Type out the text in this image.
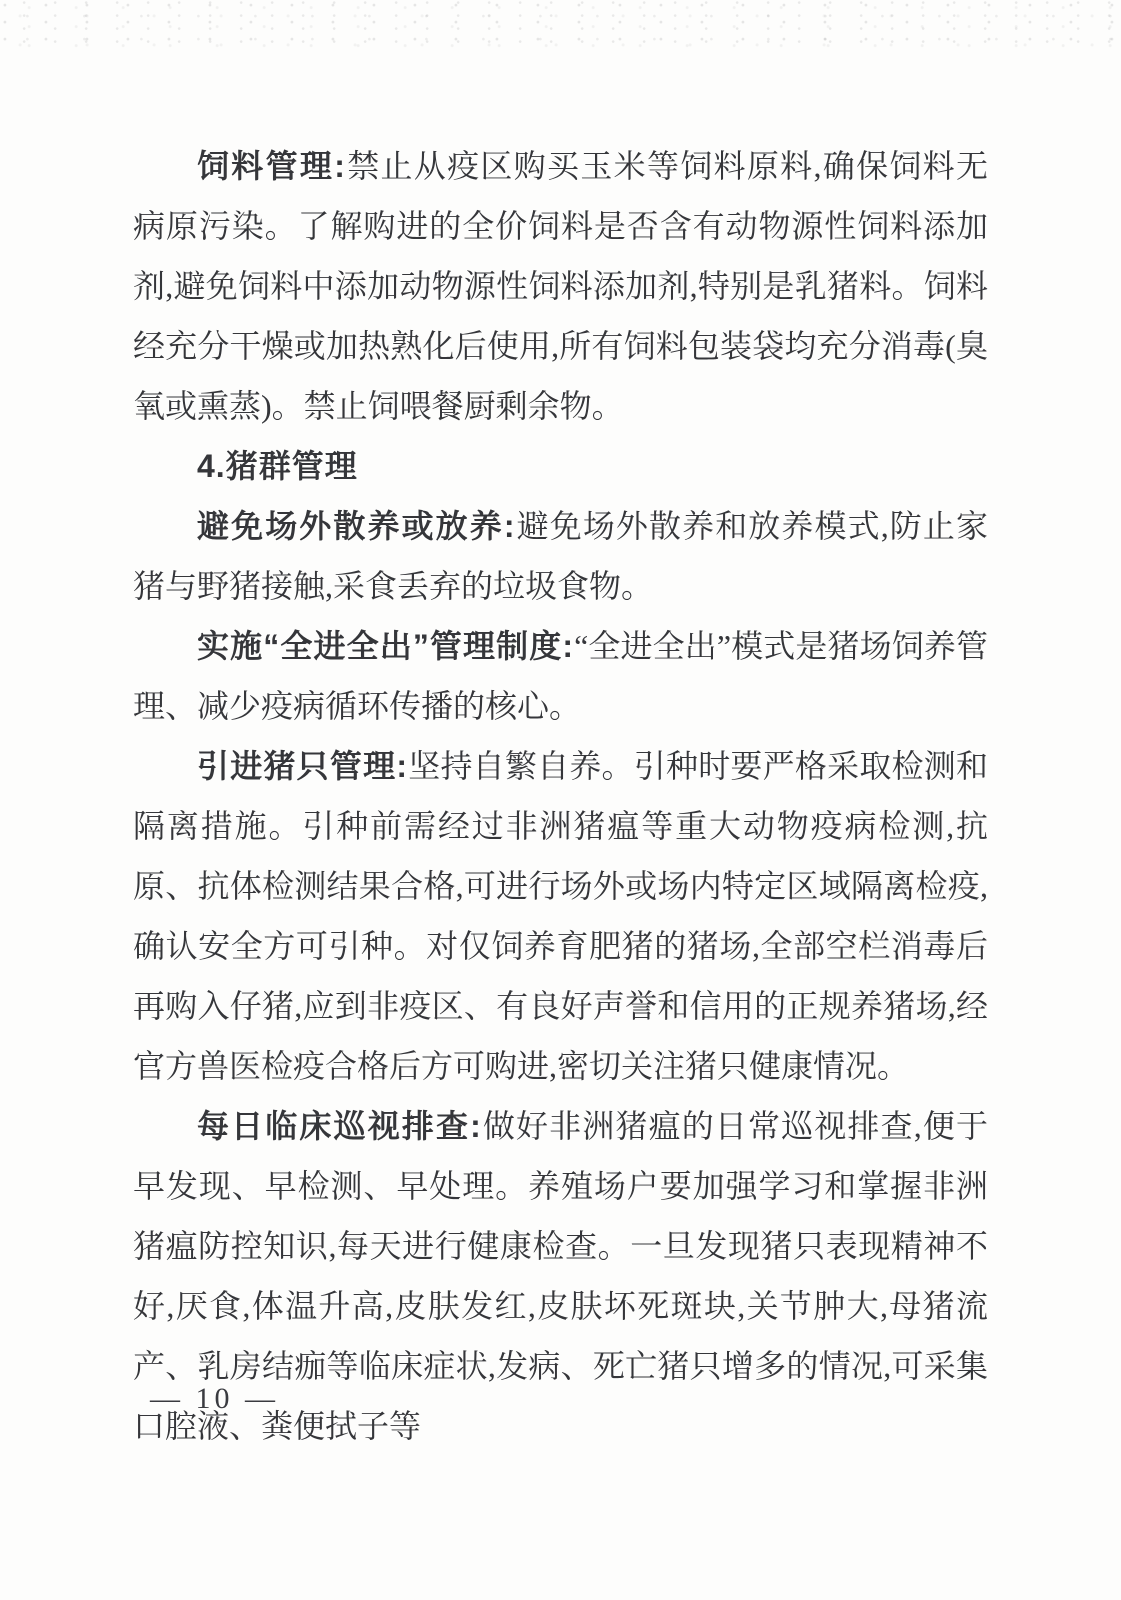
饲料管理:禁止从疫区购买玉米等饲料原料,确保饲料无病原污染。了解购进的全价饲料是否含有动物源性饲料添加剂,避免饲料中添加动物源性饲料添加剂,特别是乳猪料。饲料经充分干燥或加热熟化后使用,所有饲料包装袋均充分消毒(臭氧或熏蒸)。禁止饲喂餐厨剩余物。

4.猪群管理

避免场外散养或放养:避免场外散养和放养模式,防止家猪与野猪接触,采食丢弃的垃圾食物。

实施“全进全出”管理制度:“全进全出”模式是猪场饲养管理、减少疫病循环传播的核心。

引进猪只管理:坚持自繁自养。引种时要严格采取检测和隔离措施。引种前需经过非洲猪瘟等重大动物疫病检测,抗原、抗体检测结果合格,可进行场外或场内特定区域隔离检疫,确认安全方可引种。对仅饲养育肥猪的猪场,全部空栏消毒后再购入仔猪,应到非疫区、有良好声誉和信用的正规养猪场,经官方兽医检疫合格后方可购进,密切关注猪只健康情况。

每日临床巡视排查:做好非洲猪瘟的日常巡视排查,便于早发现、早检测、早处理。养殖场户要加强学习和掌握非洲猪瘟防控知识,每天进行健康检查。一旦发现猪只表现精神不好,厌食,体温升高,皮肤发红,皮肤坏死斑块,关节肿大,母猪流产、乳房结痂等临床症状,发病、死亡猪只增多的情况,可采集口腔液、粪便拭子等

— 10 —
